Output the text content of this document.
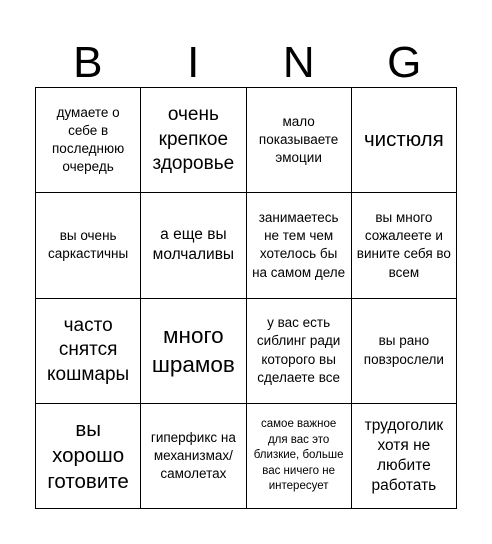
B	I	N	G
думаете о себе в последнюю очередь
очень крепкое здоровье
мало показываете эмоции
чистюля
вы очень саркастичны
а еще вы молчаливы
занимаетесь не тем чем хотелось бы на самом деле
вы много сожалеете и вините себя во всем
часто снятся кошмары
много шрамов
у вас есть сиблинг ради которого вы сделаете все
вы рано повзрослели
вы хорошо готовите
гиперфикс на механизмах/самолетах
самое важное для вас это близкие, больше вас ничего не интересует
трудоголик хотя не любите работать
